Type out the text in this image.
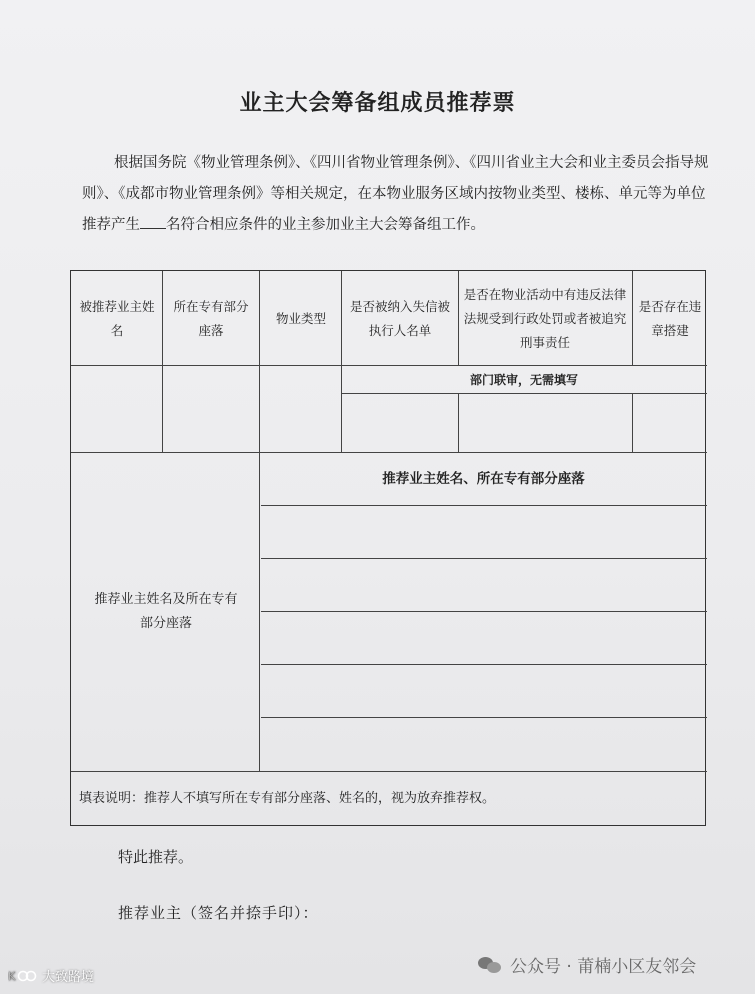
业主大会筹备组成员推荐票
根据国务院《物业管理条例》、《四川省物业管理条例》、《四川省业主大会和业主委员会指导规则》、《成都市物业管理条例》等相关规定，在本物业服务区域内按物业类型、楼栋、单元等为单位推荐产生 名符合相应条件的业主参加业主大会筹备组工作。
被推荐业主姓名
所在专有部分座落
物业类型
是否被纳入失信被执行人名单
是否在物业活动中有违反法律法规受到行政处罚或者被追究刑事责任
是否存在违章搭建
部门联审，无需填写
推荐业主姓名及所在专有部分座落
推荐业主姓名、所在专有部分座落
填表说明：推荐人不填写所在专有部分座落、姓名的，视为放弃推荐权。
特此推荐。
推荐业主（签名并捺手印）：
公众号 · 莆楠小区友邻会
K 大致路境
